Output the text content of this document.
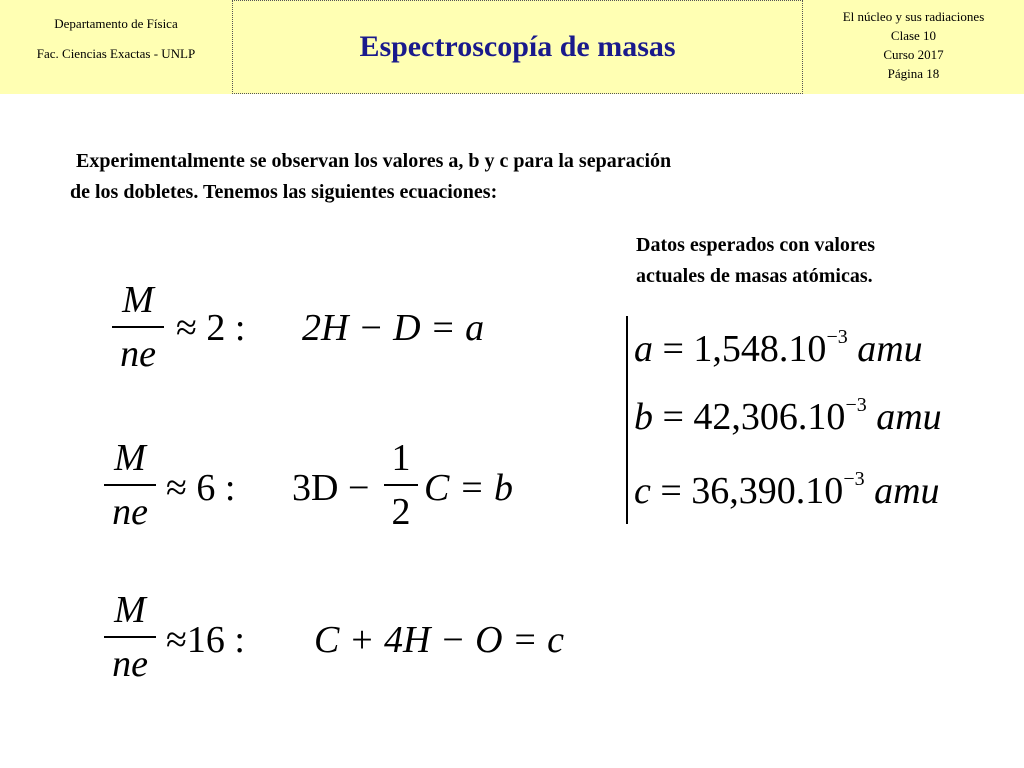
Departamento de Física
Fac. Ciencias Exactas - UNLP	Espectroscopía de masas
El núcleo y sus radiaciones
Clase 10
Curso 2017
Página 18
Experimentalmente se observan los valores a, b y c para la separación
de los dobletes. Tenemos las siguientes ecuaciones:
Datos esperados con valores
actuales de masas atómicas.
M
ne
≈ 2 : 2H − D = a
M
ne
≈ 6 : 3D −
1
2
C = b
M
ne
≈16 : C + 4H − O = c
$a = 1,548.10^{-3}$ amu
$b = 42,306.10^{-3}$ amu
$c = 36,390.10^{-3}$ amu
